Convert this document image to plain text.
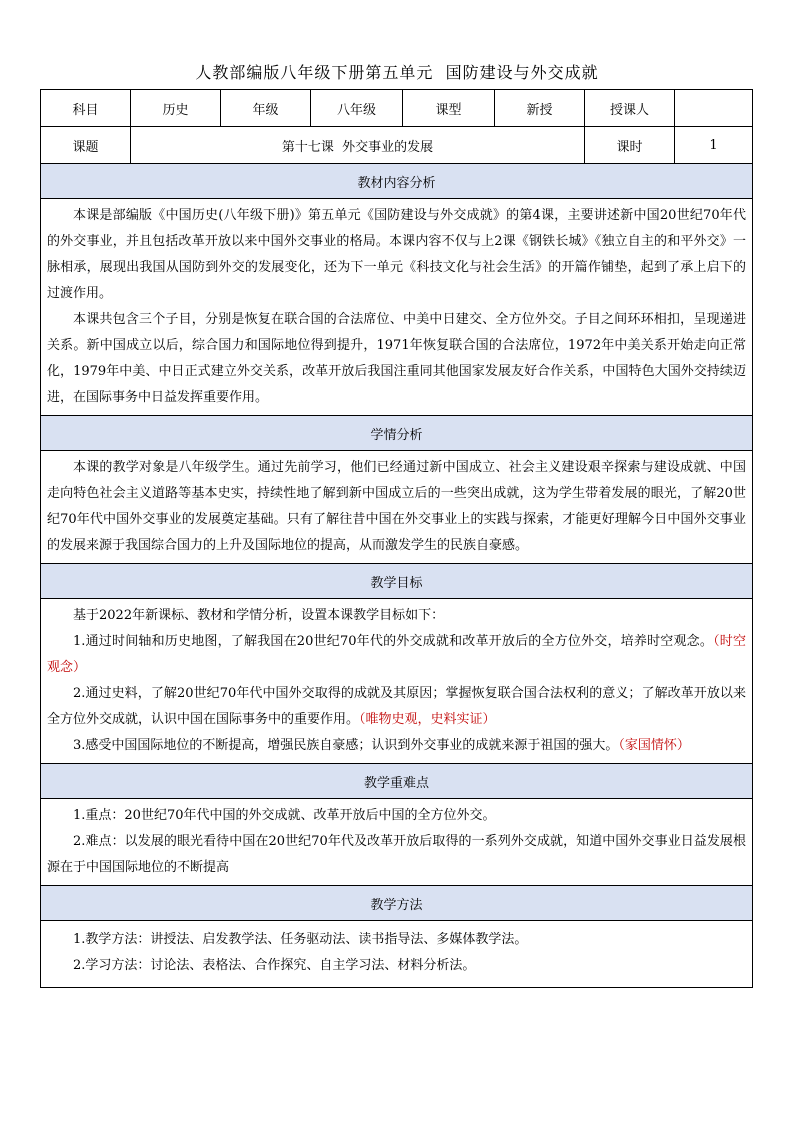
人教部编版八年级下册第五单元  国防建设与外交成就
科目	历史	年级	八年级	课型	新授	授课人	
课题	第十七课  外交事业的发展					课时	1
教材内容分析							

本课是部编版《中国历史(八年级下册)》第五单元《国防建设与外交成就》的第4课，主要讲述新中国20世纪70年代的外交事业，并且包括改革开放以来中国外交事业的格局。本课内容不仅与上2课《钢铁长城》《独立自主的和平外交》一脉相承，展现出我国从国防到外交的发展变化，还为下一单元《科技文化与社会生活》的开篇作铺垫，起到了承上启下的过渡作用。

本课共包含三个子目，分别是恢复在联合国的合法席位、中美中日建交、全方位外交。子目之间环环相扣，呈现递进关系。新中国成立以后，综合国力和国际地位得到提升，1971年恢复联合国的合法席位，1972年中美关系开始走向正常化，1979年中美、中日正式建立外交关系，改革开放后我国注重同其他国家发展友好合作关系，中国特色大国外交持续迈进，在国际事务中日益发挥重要作用。							

学情分析							

本课的教学对象是八年级学生。通过先前学习，他们已经通过新中国成立、社会主义建设艰辛探索与建设成就、中国走向特色社会主义道路等基本史实，持续性地了解到新中国成立后的一些突出成就，这为学生带着发展的眼光，了解20世纪70年代中国外交事业的发展奠定基础。只有了解往昔中国在外交事业上的实践与探索，才能更好理解今日中国外交事业的发展来源于我国综合国力的上升及国际地位的提高，从而激发学生的民族自豪感。							

教学目标							

基于2022年新课标、教材和学情分析，设置本课教学目标如下：

1.通过时间轴和历史地图，了解我国在20世纪70年代的外交成就和改革开放后的全方位外交，培养时空观念。（时空观念）

2.通过史料，了解20世纪70年代中国外交取得的成就及其原因；掌握恢复联合国合法权利的意义；了解改革开放以来全方位外交成就，认识中国在国际事务中的重要作用。（唯物史观，史料实证）

3.感受中国国际地位的不断提高，增强民族自豪感；认识到外交事业的成就来源于祖国的强大。（家国情怀）							

教学重难点							

1.重点：20世纪70年代中国的外交成就、改革开放后中国的全方位外交。

2.难点：以发展的眼光看待中国在20世纪70年代及改革开放后取得的一系列外交成就，知道中国外交事业日益发展根源在于中国国际地位的不断提高							

教学方法							

1.教学方法：讲授法、启发教学法、任务驱动法、读书指导法、多媒体教学法。

2.学习方法：讨论法、表格法、合作探究、自主学习法、材料分析法。							
